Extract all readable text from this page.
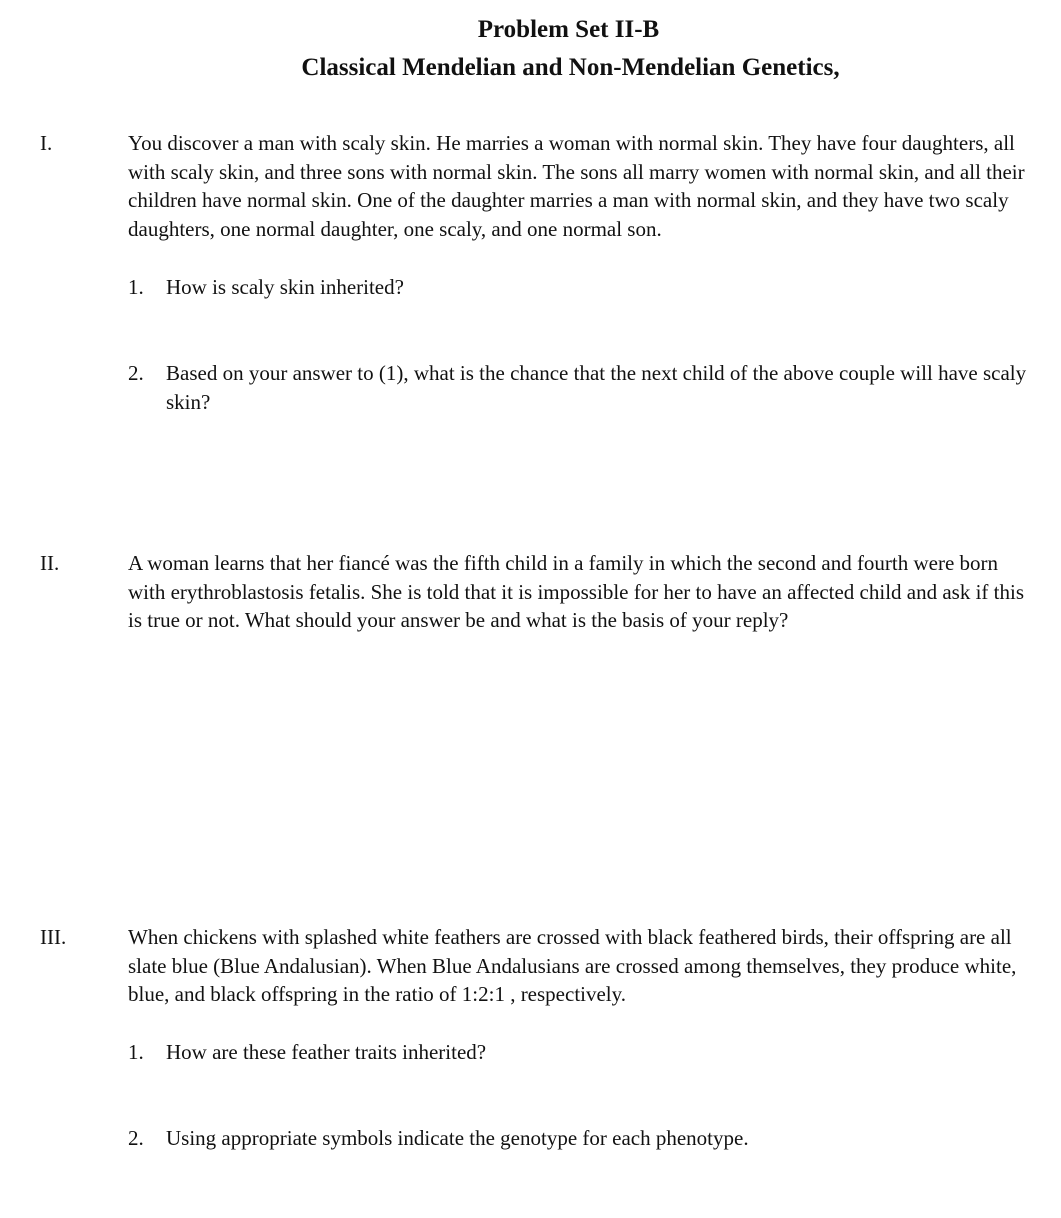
Problem Set II-B
Classical Mendelian and Non-Mendelian Genetics,
I.	You discover a man with scaly skin. He marries a woman with normal skin. They have four daughters, all with scaly skin, and three sons with normal skin. The sons all marry women with normal skin, and all their children have normal skin. One of the daughter marries a man with normal skin, and they have two scaly daughters, one normal daughter, one scaly, and one normal son.

1. How is scaly skin inherited?
2.	Based on your answer to (1), what is the chance that the next child of the above couple will have scaly skin?
II.	A woman learns that her fiancé was the fifth child in a family in which the second and fourth were born with erythroblastosis fetalis. She is told that it is impossible for her to have an affected child and ask if this is true or not. What should your answer be and what is the basis of your reply?

III.	When chickens with splashed white feathers are crossed with black feathered birds, their offspring are all slate blue (Blue Andalusian). When Blue Andalusians are crossed among themselves, they produce white, blue, and black offspring in the ratio of 1:2:1 , respectively.

1. How are these feather traits inherited?
2. Using appropriate symbols indicate the genotype for each phenotype.
